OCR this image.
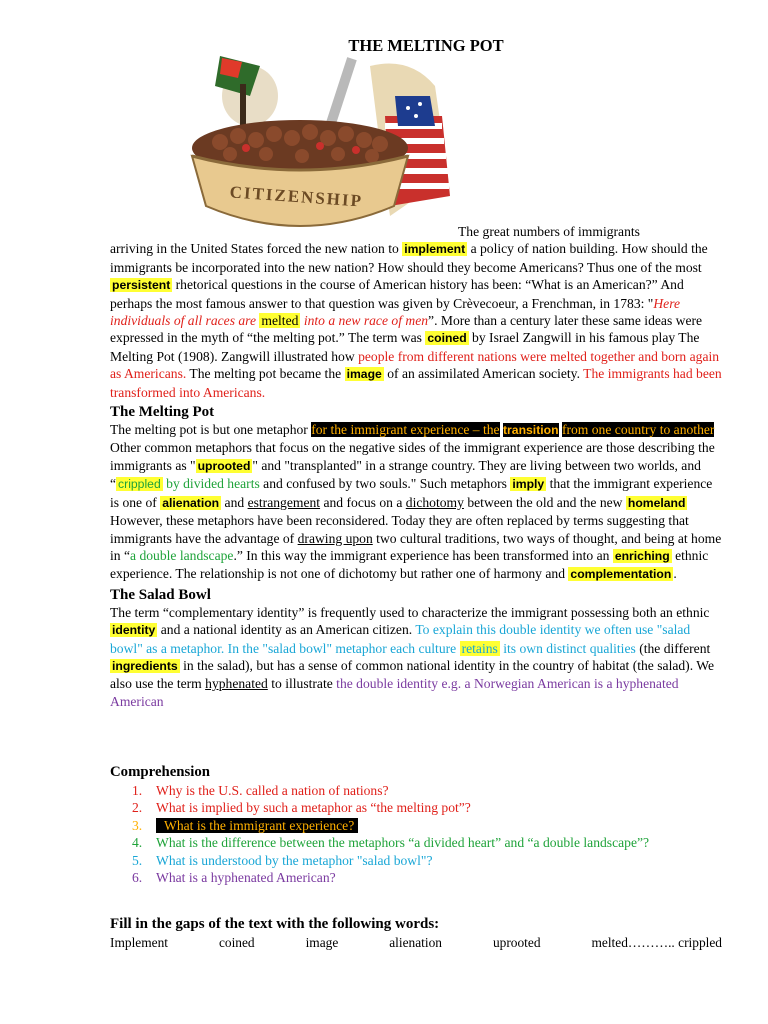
THE MELTING POT
CITIZENSHIP

The great numbers of immigrants
arriving in the United States forced the new nation to implement a policy of nation building. How should the immigrants be incorporated into the new nation? How should they become Americans? Thus one of the most persistent rhetorical questions in the course of American history has been: “What is an American?” And perhaps the most famous answer to that question was given by Crèvecoeur, a Frenchman, in 1783: "Here individuals of all races are melted into a new race of men”. More than a century later these same ideas were expressed in the myth of “the melting pot.” The term was coined by Israel Zangwill in his famous play The Melting Pot (1908). Zangwill illustrated how people from different nations were melted together and born again as Americans. The melting pot became the image of an assimilated American society. The immigrants had been transformed into Americans.

The Melting Pot

The melting pot is but one metaphor for the immigrant experience – the transition from one country to another Other common metaphors that focus on the negative sides of the immigrant experience are those describing the immigrants as " uprooted " and "transplanted" in a strange country. They are living between two worlds, and “ crippled by divided hearts and confused by two souls." Such metaphors imply that the immigrant experience is one of alienation and estrangement and focus on a dichotomy between the old and the new homeland However, these metaphors have been reconsidered. Today they are often replaced by terms suggesting that immigrants have the advantage of drawing upon two cultural traditions, two ways of thought, and being at home in “a double landscape.” In this way the immigrant experience has been transformed into an enriching ethnic experience. The relationship is not one of dichotomy but rather one of harmony and complementation .

The Salad Bowl

The term “complementary identity” is frequently used to characterize the immigrant possessing both an ethnic identity and a national identity as an American citizen. To explain this double identity we often use "salad bowl" as a metaphor. In the "salad bowl" metaphor each culture retains its own distinct qualities (the different ingredients in the salad), but has a sense of common national identity in the country of habitat (the salad). We also use the term hyphenated to illustrate the double identity e.g. a Norwegian American is a hyphenated American

Comprehension
1. Why is the U.S. called a nation of nations?
2. What is implied by such a metaphor as “the melting pot”?
3. What is the immigrant experience?
4. What is the difference between the metaphors “a divided heart” and “a double landscape”?
5. What is understood by the metaphor "salad bowl"?
6. What is a hyphenated American?
Fill in the gaps of the text with the following words:
Implement	coined	image	alienation	uprooted	melted……….. crippled
